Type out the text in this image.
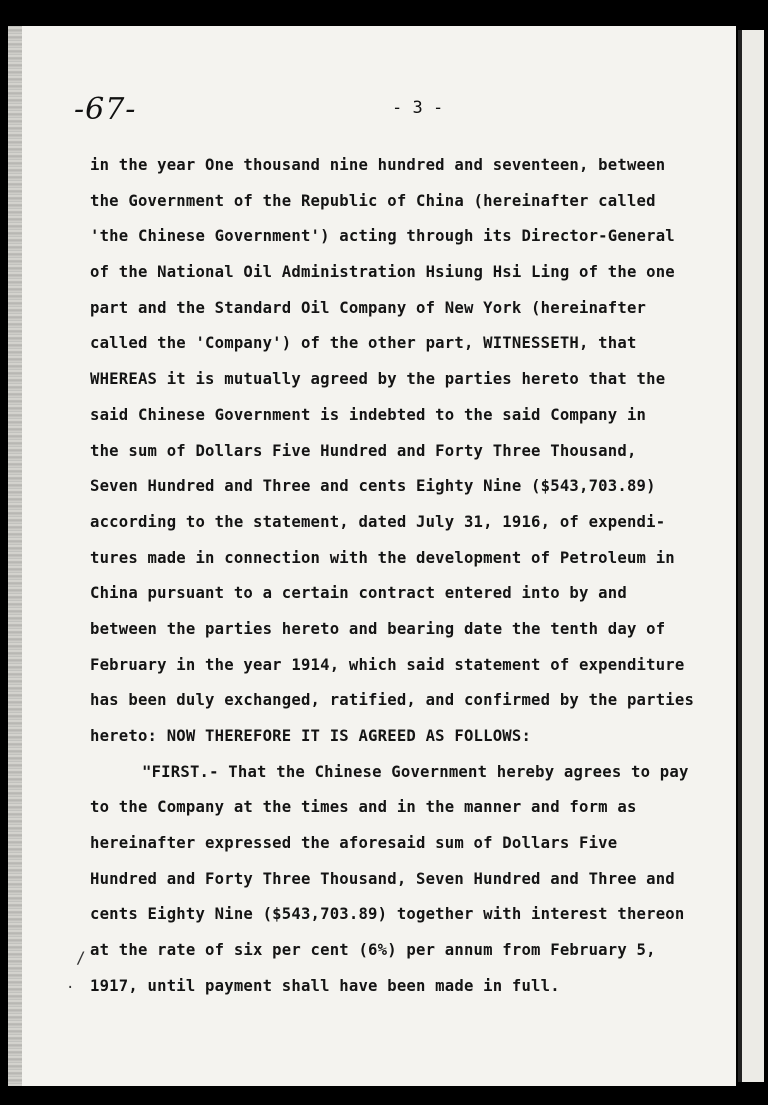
-67-	- 3 -
in the year One thousand nine hundred and seventeen, between
the Government of the Republic of China (hereinafter called
'the Chinese Government') acting through its Director-General
of the National Oil Administration Hsiung Hsi Ling of the one
part and the Standard Oil Company of New York (hereinafter
called the 'Company') of the other part, WITNESSETH, that
WHEREAS it is mutually agreed by the parties hereto that the
said Chinese Government is indebted to the said Company in
the sum of Dollars Five Hundred and Forty Three Thousand,
Seven Hundred and Three and cents Eighty Nine ($543,703.89)
according to the statement, dated July 31, 1916, of expendi-
tures made in connection with the development of Petroleum in
China pursuant to a certain contract entered into by and
between the parties hereto and bearing date the tenth day of
February in the year 1914, which said statement of expenditure
has been duly exchanged, ratified, and confirmed by the parties
hereto: NOW THEREFORE IT IS AGREED AS FOLLOWS:
"FIRST.- That the Chinese Government hereby agrees to pay
to the Company at the times and in the manner and form as
hereinafter expressed the aforesaid sum of Dollars Five
Hundred and Forty Three Thousand, Seven Hundred and Three and
cents Eighty Nine ($543,703.89) together with interest thereon
at the rate of six per cent (6%) per annum from February 5,
1917, until payment shall have been made in full.
/
·
